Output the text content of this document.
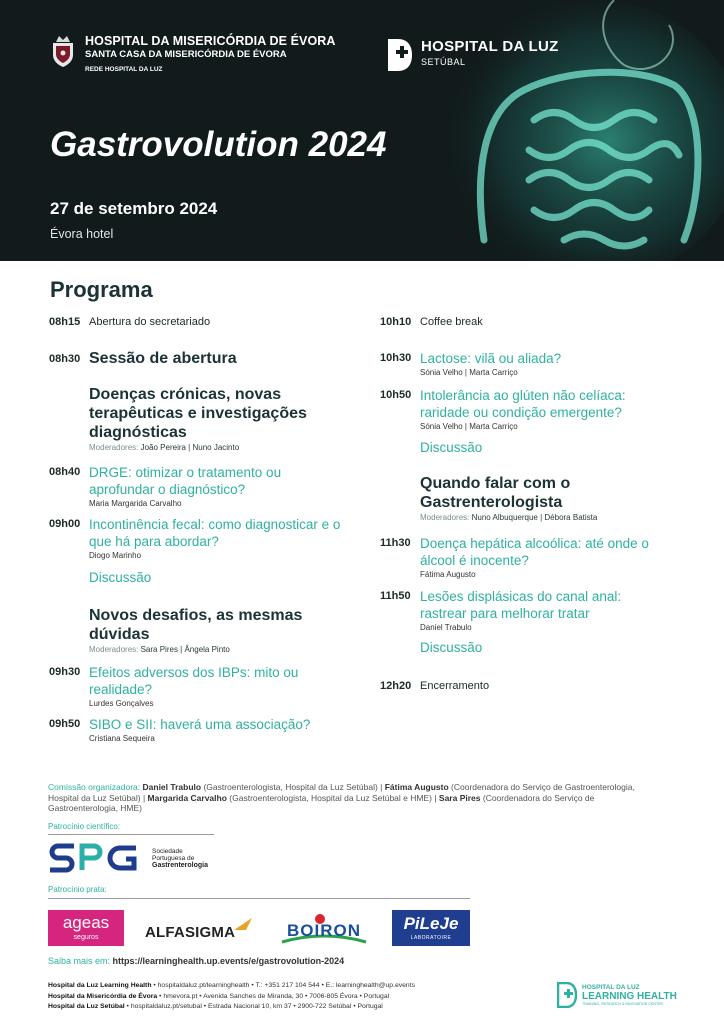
HOSPITAL DA MISERICÓRDIA DE ÉVORA
SANTA CASA DA MISERICÓRDIA DE ÉVORA
REDE HOSPITAL DA LUZ
HOSPITAL DA LUZ
SETÚBAL
Gastrovolution 2024
27 de setembro 2024
Évora hotel
Programa
08h15 Abertura do secretariado
08h30 Sessão de abertura
Doenças crónicas, novas terapêuticas e investigações diagnósticas
Moderadores: João Pereira | Nuno Jacinto
08h40 DRGE: otimizar o tratamento ou aprofundar o diagnóstico?
Maria Margarida Carvalho
09h00 Incontinência fecal: como diagnosticar e o que há para abordar?
Diogo Marinho
Discussão
Novos desafios, as mesmas dúvidas
Moderadores: Sara Pires | Ângela Pinto
09h30 Efeitos adversos dos IBPs: mito ou realidade?
Lurdes Gonçalves
09h50 SIBO e SII: haverá uma associação?
Cristiana Sequeira
10h10 Coffee break
10h30 Lactose: vilã ou aliada?
Sónia Velho | Marta Carriço
10h50 Intolerância ao glúten não celíaca: raridade ou condição emergente?
Sónia Velho | Marta Carriço
Discussão
Quando falar com o Gastrenterologista
Moderadores: Nuno Albuquerque | Débora Batista
11h30 Doença hepática alcoólica: até onde o álcool é inocente?
Fátima Augusto
11h50 Lesões displásicas do canal anal: rastrear para melhorar tratar
Daniel Trabulo
Discussão
12h20 Encerramento
Comissão organizadora: Daniel Trabulo (Gastroenterologista, Hospital da Luz Setúbal) | Fátima Augusto (Coordenadora do Serviço de Gastroenterologia, Hospital da Luz Setúbal) | Margarida Carvalho (Gastroenterologista, Hospital da Luz Setúbal e HME) | Sara Pires (Coordenadora do Serviço de Gastroenterologia, HME)
Patrocínio científico:
Sociedade
Portuguesa de
Gastrenterologia
Patrocínio prata:
ageas
seguros	ALFASIGMA	BOIRON	PiLeJe
LABORATOIRE
Saiba mais em: https://learninghealth.up.events/e/gastrovolution-2024
Hospital da Luz Learning Health • hospitaldaluz.pt/learninghealth • T.: +351 217 104 544 • E.: learninghealth@up.events
Hospital da Misericórdia de Évora • hmevora.pt • Avenida Sanches de Miranda, 30 • 7006-805 Évora • Portugal
Hospital da Luz Setúbal • hospitaldaluz.pt/setubal • Estrada Nacional 10, km 37 • 2900-722 Setúbal • Portugal
HOSPITAL DA LUZ
LEARNING HEALTH
TRAINING, RESEARCH & INNOVATION CENTER
